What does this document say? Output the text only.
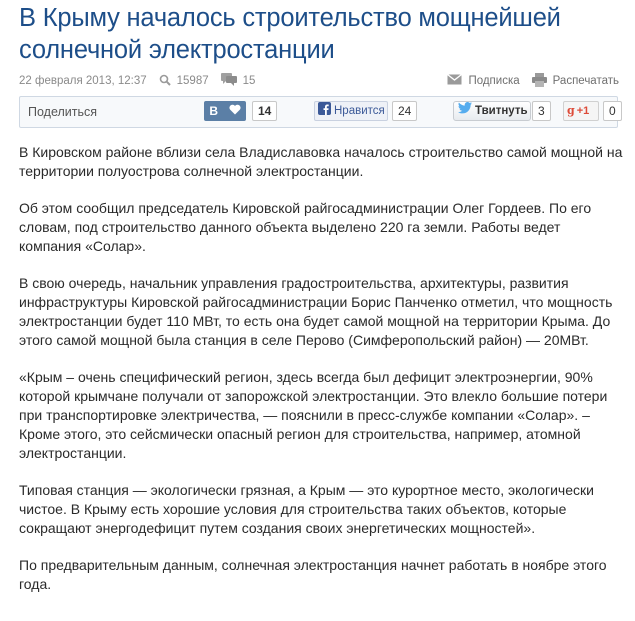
В Крыму началось строительство мощнейшей солнечной электростанции
22 февраля 2013, 12:37	15987	15	Подписка	Распечатать
Поделиться	В	14	Нравится	24	Твитнуть 3	g +1	0

В Кировском районе вблизи села Владиславовка началось строительство самой мощной на территории полуострова солнечной электростанции.

Об этом сообщил председатель Кировской райгосадминистрации Олег Гордеев. По его словам, под строительство данного объекта выделено 220 га земли. Работы ведет компания «Солар».

В свою очередь, начальник управления градостроительства, архитектуры, развития инфраструктуры Кировской райгосадминистрации Борис Панченко отметил, что мощность электростанции будет 110 МВт, то есть она будет самой мощной на территории Крыма. До этого самой мощной была станция в селе Перово (Симферопольский район) — 20МВт.

«Крым – очень специфический регион, здесь всегда был дефицит электроэнергии, 90% которой крымчане получали от запорожской электростанции. Это влекло большие потери при транспортировке электричества, — пояснили в пресс-службе компании «Солар». – Кроме этого, это сейсмически опасный регион для строительства, например, атомной электростанции.

Типовая станция — экологически грязная, а Крым — это курортное место, экологически чистое. В Крыму есть хорошие условия для строительства таких объектов, которые сокращают энергодефицит путем создания своих энергетических мощностей».

По предварительным данным, солнечная электростанция начнет работать в ноябре этого года.
